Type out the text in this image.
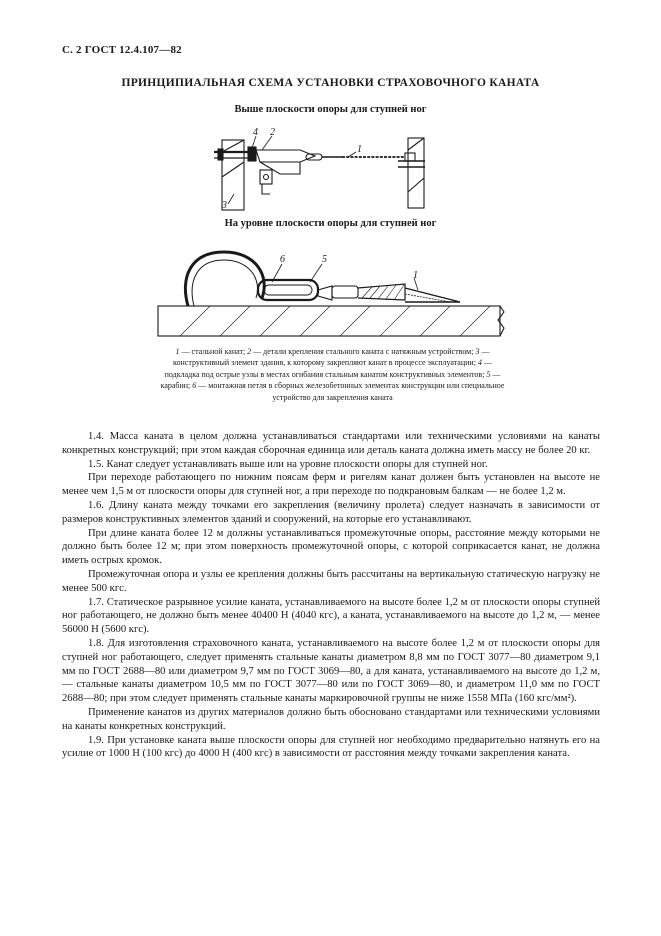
С. 2 ГОСТ 12.4.107—82
ПРИНЦИПИАЛЬНАЯ СХЕМА УСТАНОВКИ СТРАХОВОЧНОГО КАНАТА
Выше плоскости опоры для ступней ног
4 2
1
3
На уровне плоскости опоры для ступней ног
6	5
1
1 — стальной канат; 2 — детали крепления стального каната с натяжным устройством; 3 — конструктивный элемент здания, к которому закрепляют канат в процессе эксплуатации; 4 — подкладка под острые узлы в местах огибания стальным канатом конструктивных элементов; 5 — карабин; 6 — монтажная петля в сборных железобетонных элементах конструкции или специальное устройство для закрепления каната

1.4. Масса каната в целом должна устанавливаться стандартами или техническими условиями на канаты конкретных конструкций; при этом каждая сборочная единица или деталь каната должна иметь массу не более 20 кг.

1.5. Канат следует устанавливать выше или на уровне плоскости опоры для ступней ног.

При переходе работающего по нижним поясам ферм и ригелям канат должен быть установлен на высоте не менее чем 1,5 м от плоскости опоры для ступней ног, а при переходе по подкрановым балкам — не более 1,2 м.

1.6. Длину каната между точками его закрепления (величину пролета) следует назначать в зависимости от размеров конструктивных элементов зданий и сооружений, на которые его устанавливают.

При длине каната более 12 м должны устанавливаться промежуточные опоры, расстояние между которыми не должно быть более 12 м; при этом поверхность промежуточной опоры, с которой соприкасается канат, не должна иметь острых кромок.

Промежуточная опора и узлы ее крепления должны быть рассчитаны на вертикальную статическую нагрузку не менее 500 кгс.

1.7. Статическое разрывное усилие каната, устанавливаемого на высоте более 1,2 м от плоскости опоры ступней ног работающего, не должно быть менее 40400 Н (4040 кгс), а каната, устанавливаемого на высоте до 1,2 м, — менее 56000 Н (5600 кгс).

1.8. Для изготовления страховочного каната, устанавливаемого на высоте более 1,2 м от плоскости опоры для ступней ног работающего, следует применять стальные канаты диаметром 8,8 мм по ГОСТ 3077—80 диаметром 9,1 мм по ГОСТ 2688—80 или диаметром 9,7 мм по ГОСТ 3069—80, а для каната, устанавливаемого на высоте до 1,2 м, — стальные канаты диаметром 10,5 мм по ГОСТ 3077—80 или по ГОСТ 3069—80, и диаметром 11,0 мм по ГОСТ 2688—80; при этом следует применять стальные канаты маркировочной группы не ниже 1558 МПа (160 кгс/мм²).

Применение канатов из других материалов должно быть обосновано стандартами или техническими условиями на канаты конкретных конструкций.

1.9. При установке каната выше плоскости опоры для ступней ног необходимо предварительно натянуть его на усилие от 1000 Н (100 кгс) до 4000 Н (400 кгс) в зависимости от расстояния между точками закрепления каната.
